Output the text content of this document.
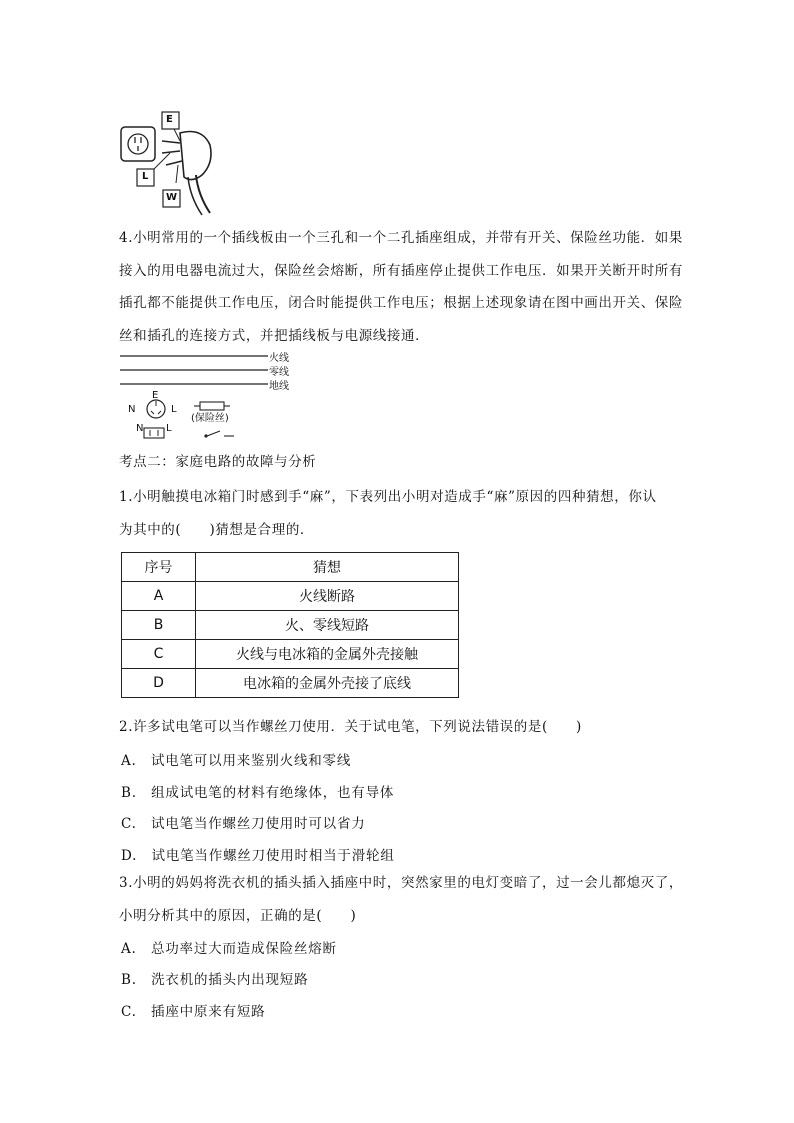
E
L
W
4.小明常用的一个插线板由一个三孔和一个二孔插座组成，并带有开关、保险丝功能．如果
接入的用电器电流过大，保险丝会熔断，所有插座停止提供工作电压．如果开关断开时所有
插孔都不能提供工作电压，闭合时能提供工作电压；根据上述现象请在图中画出开关、保险
丝和插孔的连接方式，并把插线板与电源线接通．
火线
零线
地线
N
E
L
N L
(保险丝)
考点二：家庭电路的故障与分析
1.小明触摸电冰箱门时感到手“麻”，下表列出小明对造成手“麻”原因的四种猜想，你认
为其中的(　　)猜想是合理的．
序号	猜想
A	火线断路
B	火、零线短路
C	火线与电冰箱的金属外壳接触
D	电冰箱的金属外壳接了底线
2.许多试电笔可以当作螺丝刀使用．关于试电笔，下列说法错误的是(　　)
A.　试电笔可以用来鉴别火线和零线
B.　组成试电笔的材料有绝缘体，也有导体
C.　试电笔当作螺丝刀使用时可以省力
D.　试电笔当作螺丝刀使用时相当于滑轮组
3.小明的妈妈将洗衣机的插头插入插座中时，突然家里的电灯变暗了，过一会儿都熄灭了，
小明分析其中的原因，正确的是(　　)
A.　总功率过大而造成保险丝熔断
B.　洗衣机的插头内出现短路
C.　插座中原来有短路
